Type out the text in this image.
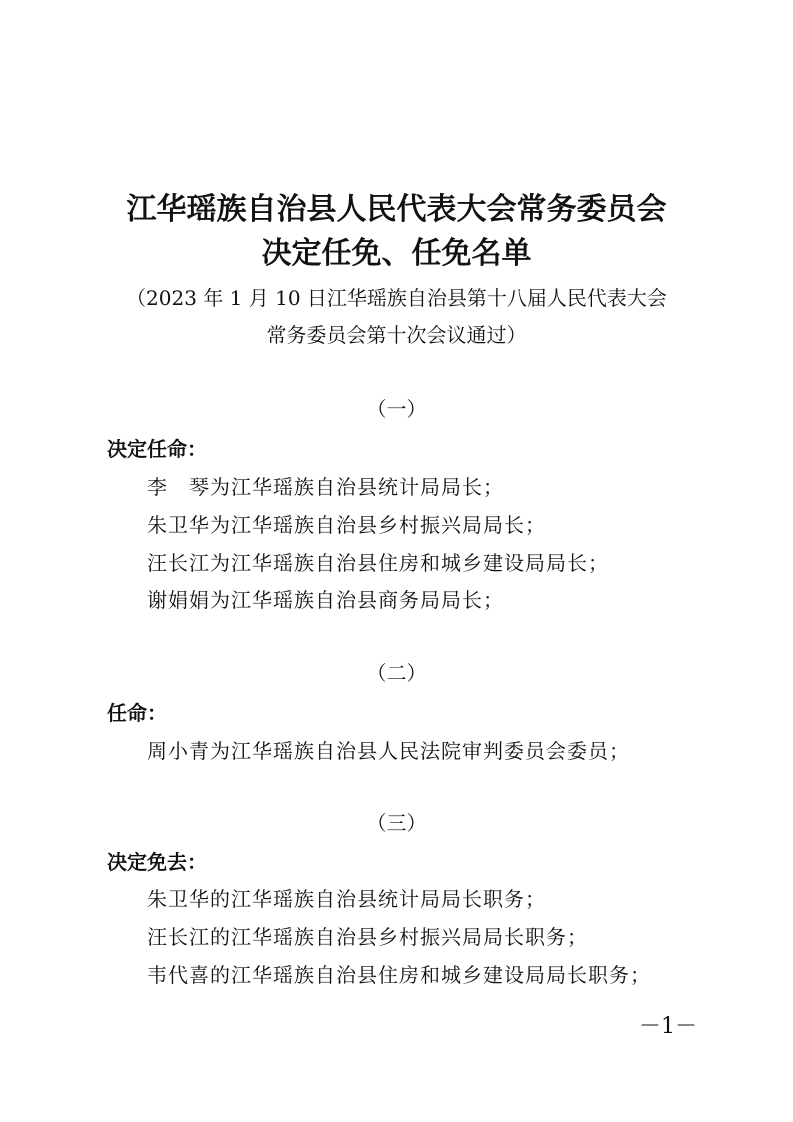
江华瑶族自治县人民代表大会常务委员会
决定任免、任免名单
（2023 年 1 月 10 日江华瑶族自治县第十八届人民代表大会
常务委员会第十次会议通过）
（一）
决定任命：
李　琴为江华瑶族自治县统计局局长；
朱卫华为江华瑶族自治县乡村振兴局局长；
汪长江为江华瑶族自治县住房和城乡建设局局长；
谢娟娟为江华瑶族自治县商务局局长；
（二）
任命：
周小青为江华瑶族自治县人民法院审判委员会委员；
（三）
决定免去：
朱卫华的江华瑶族自治县统计局局长职务；
汪长江的江华瑶族自治县乡村振兴局局长职务；
韦代喜的江华瑶族自治县住房和城乡建设局局长职务；
－1－
